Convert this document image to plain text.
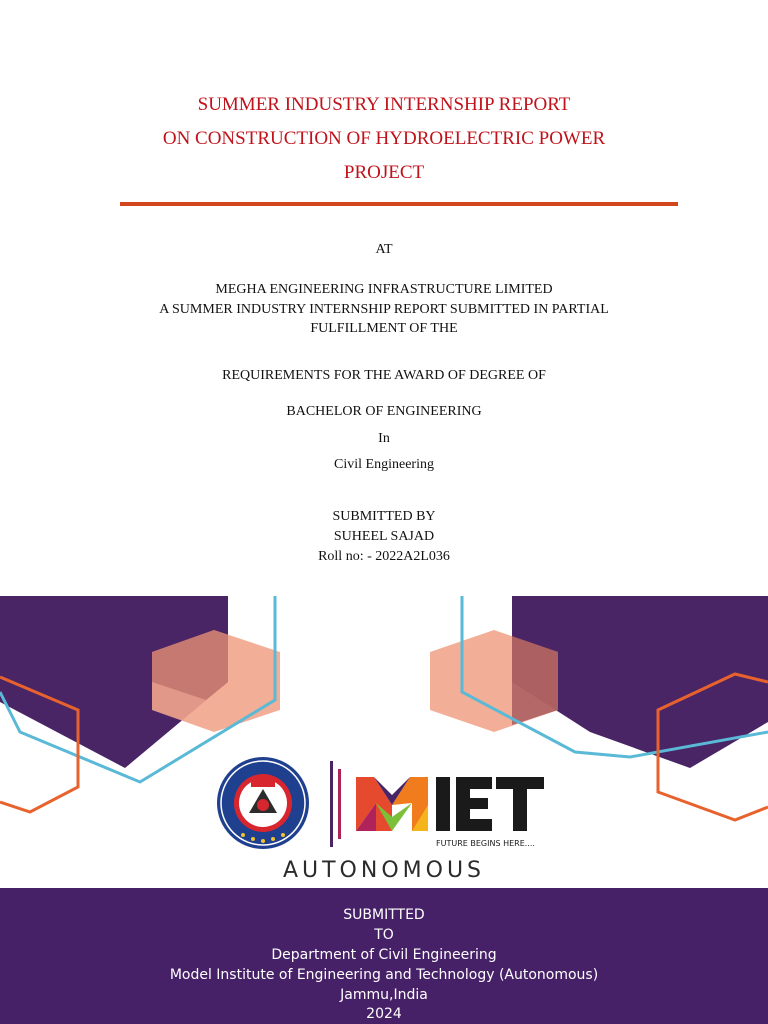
SUMMER INDUSTRY INTERNSHIP REPORT
ON CONSTRUCTION OF HYDROELECTRIC POWER
PROJECT
AT
MEGHA ENGINEERING INFRASTRUCTURE LIMITED
A SUMMER INDUSTRY INTERNSHIP REPORT SUBMITTED IN PARTIAL
FULFILLMENT OF THE
REQUIREMENTS FOR THE AWARD OF DEGREE OF
BACHELOR OF ENGINEERING
In
Civil Engineering
SUBMITTED BY
SUHEEL SAJAD
Roll no: - 2022A2L036
FUTURE BEGINS HERE....
AUTONOMOUS
SUBMITTED
TO
Department of Civil Engineering
Model Institute of Engineering and Technology (Autonomous)
Jammu,India
2024
